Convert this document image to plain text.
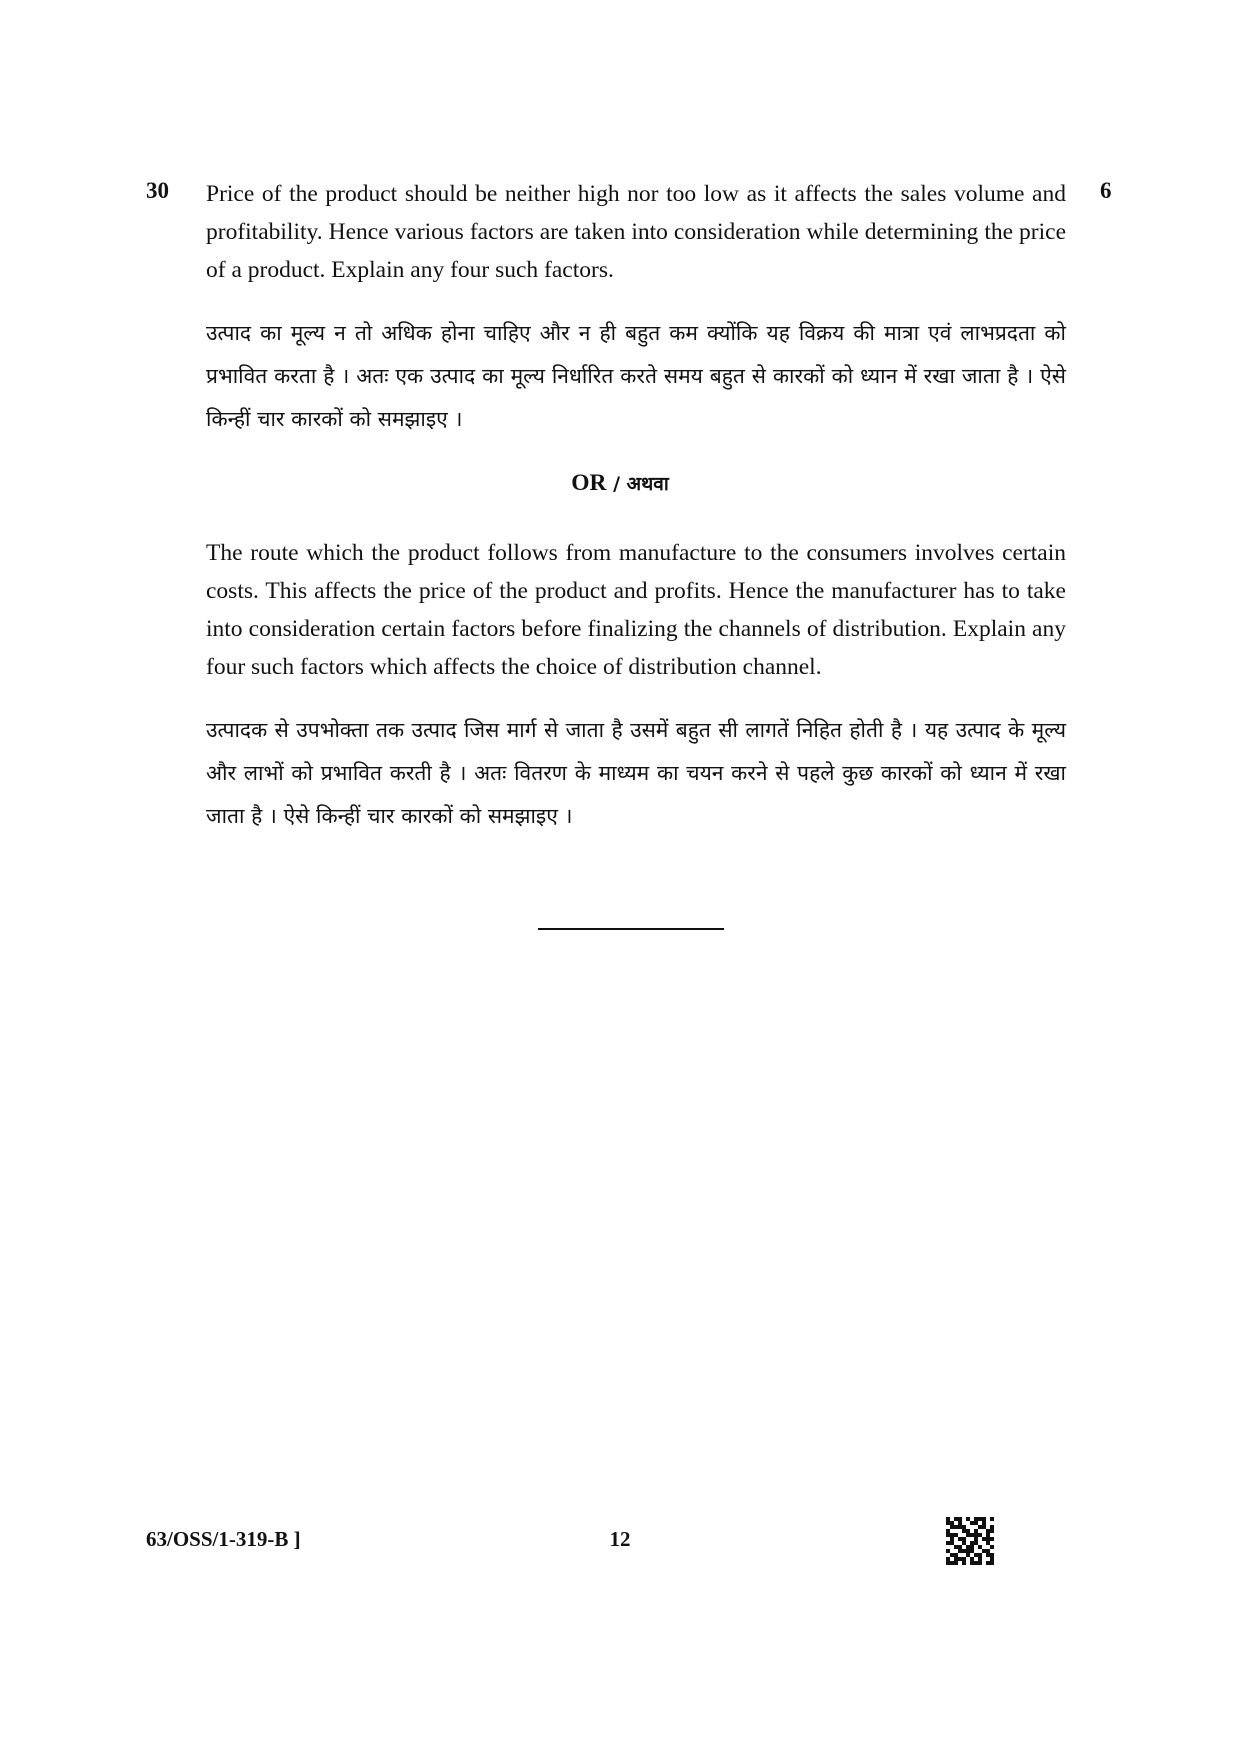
30	6

Price of the product should be neither high nor too low as it affects the sales volume and profitability. Hence various factors are taken into consideration while determining the price of a product. Explain any four such factors.

उत्पाद का मूल्य न तो अधिक होना चाहिए और न ही बहुत कम क्योंकि यह विक्रय की मात्रा एवं लाभप्रदता को प्रभावित करता है । अतः एक उत्पाद का मूल्य निर्धारित करते समय बहुत से कारकों को ध्यान में रखा जाता है । ऐसे किन्हीं चार कारकों को समझाइए ।

OR / अथवा

The route which the product follows from manufacture to the consumers involves certain costs. This affects the price of the product and profits. Hence the manufacturer has to take into consideration certain factors before finalizing the channels of distribution. Explain any four such factors which affects the choice of distribution channel.

उत्पादक से उपभोक्ता तक उत्पाद जिस मार्ग से जाता है उसमें बहुत सी लागतें निहित होती है । यह उत्पाद के मूल्य और लाभों को प्रभावित करती है । अतः वितरण के माध्यम का चयन करने से पहले कुछ कारकों को ध्यान में रखा जाता है । ऐसे किन्हीं चार कारकों को समझाइए ।

63/OSS/1-319-B ]	12
